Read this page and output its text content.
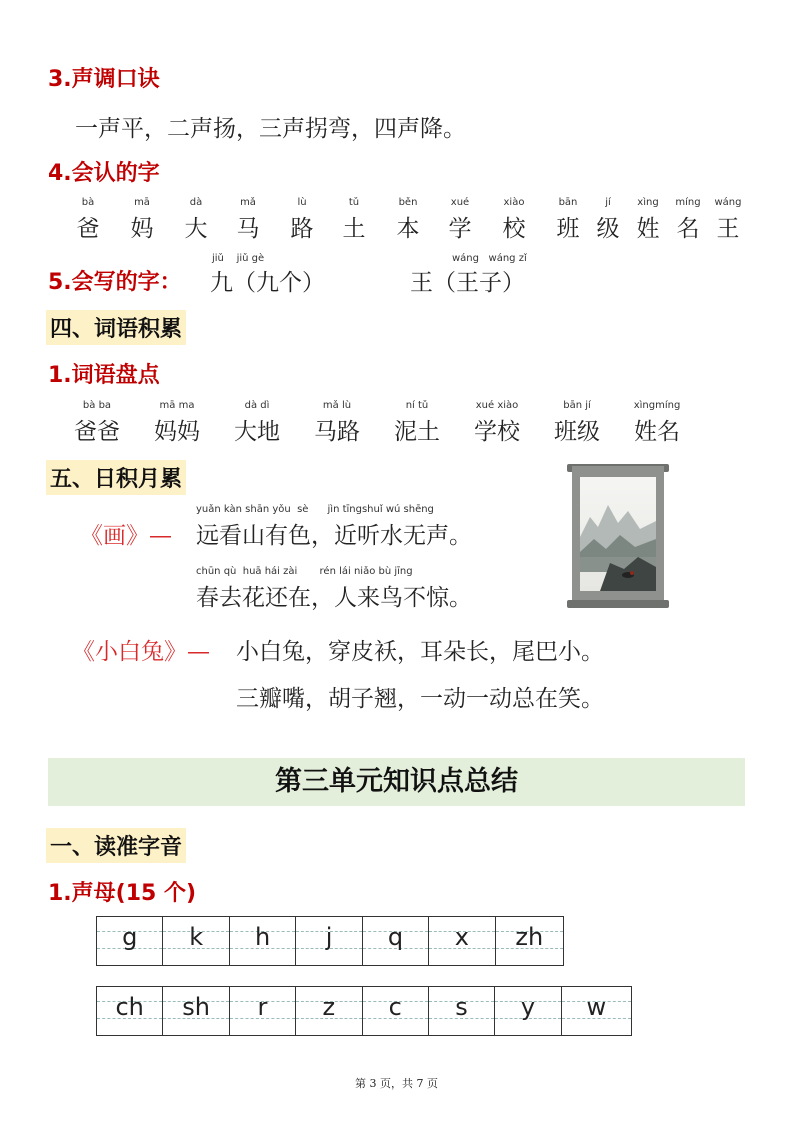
3.声调口诀
一声平，二声扬，三声拐弯，四声降。
4.会认的字
bà
爸
mā
妈
dà
大
mǎ
马
lù
路
tǔ
土
běn
本
xué
学
xiào
校
bān
班
jí
级
xìng
姓
míng
名
wáng
王
jiǔ    jiǔ gè	wáng   wáng zǐ
5.会写的字： 九（九个）	王（王子）
四、词语积累
1.词语盘点
bà ba
爸爸
mā ma
妈妈
dà dì
大地
mǎ lù
马路
ní tǔ
泥土
xué xiào
学校
bān jí
班级
xìngmíng
姓名
五、日积月累
yuǎn kàn shān yǒu  sè      jìn tīngshuǐ wú shēng
《画》— 远看山有色，近听水无声。
chūn qù  huā hái zài       rén lái niǎo bù jīng
春去花还在，人来鸟不惊。
《小白兔》— 小白兔，穿皮袄，耳朵长，尾巴小。
三瓣嘴，胡子翘，一动一动总在笑。
第三单元知识点总结
一、读准字音
1.声母(15 个)
g	k	h	j	q	x	zh
ch	sh	r	z	c	s	y	w
第 3 页，共 7 页
